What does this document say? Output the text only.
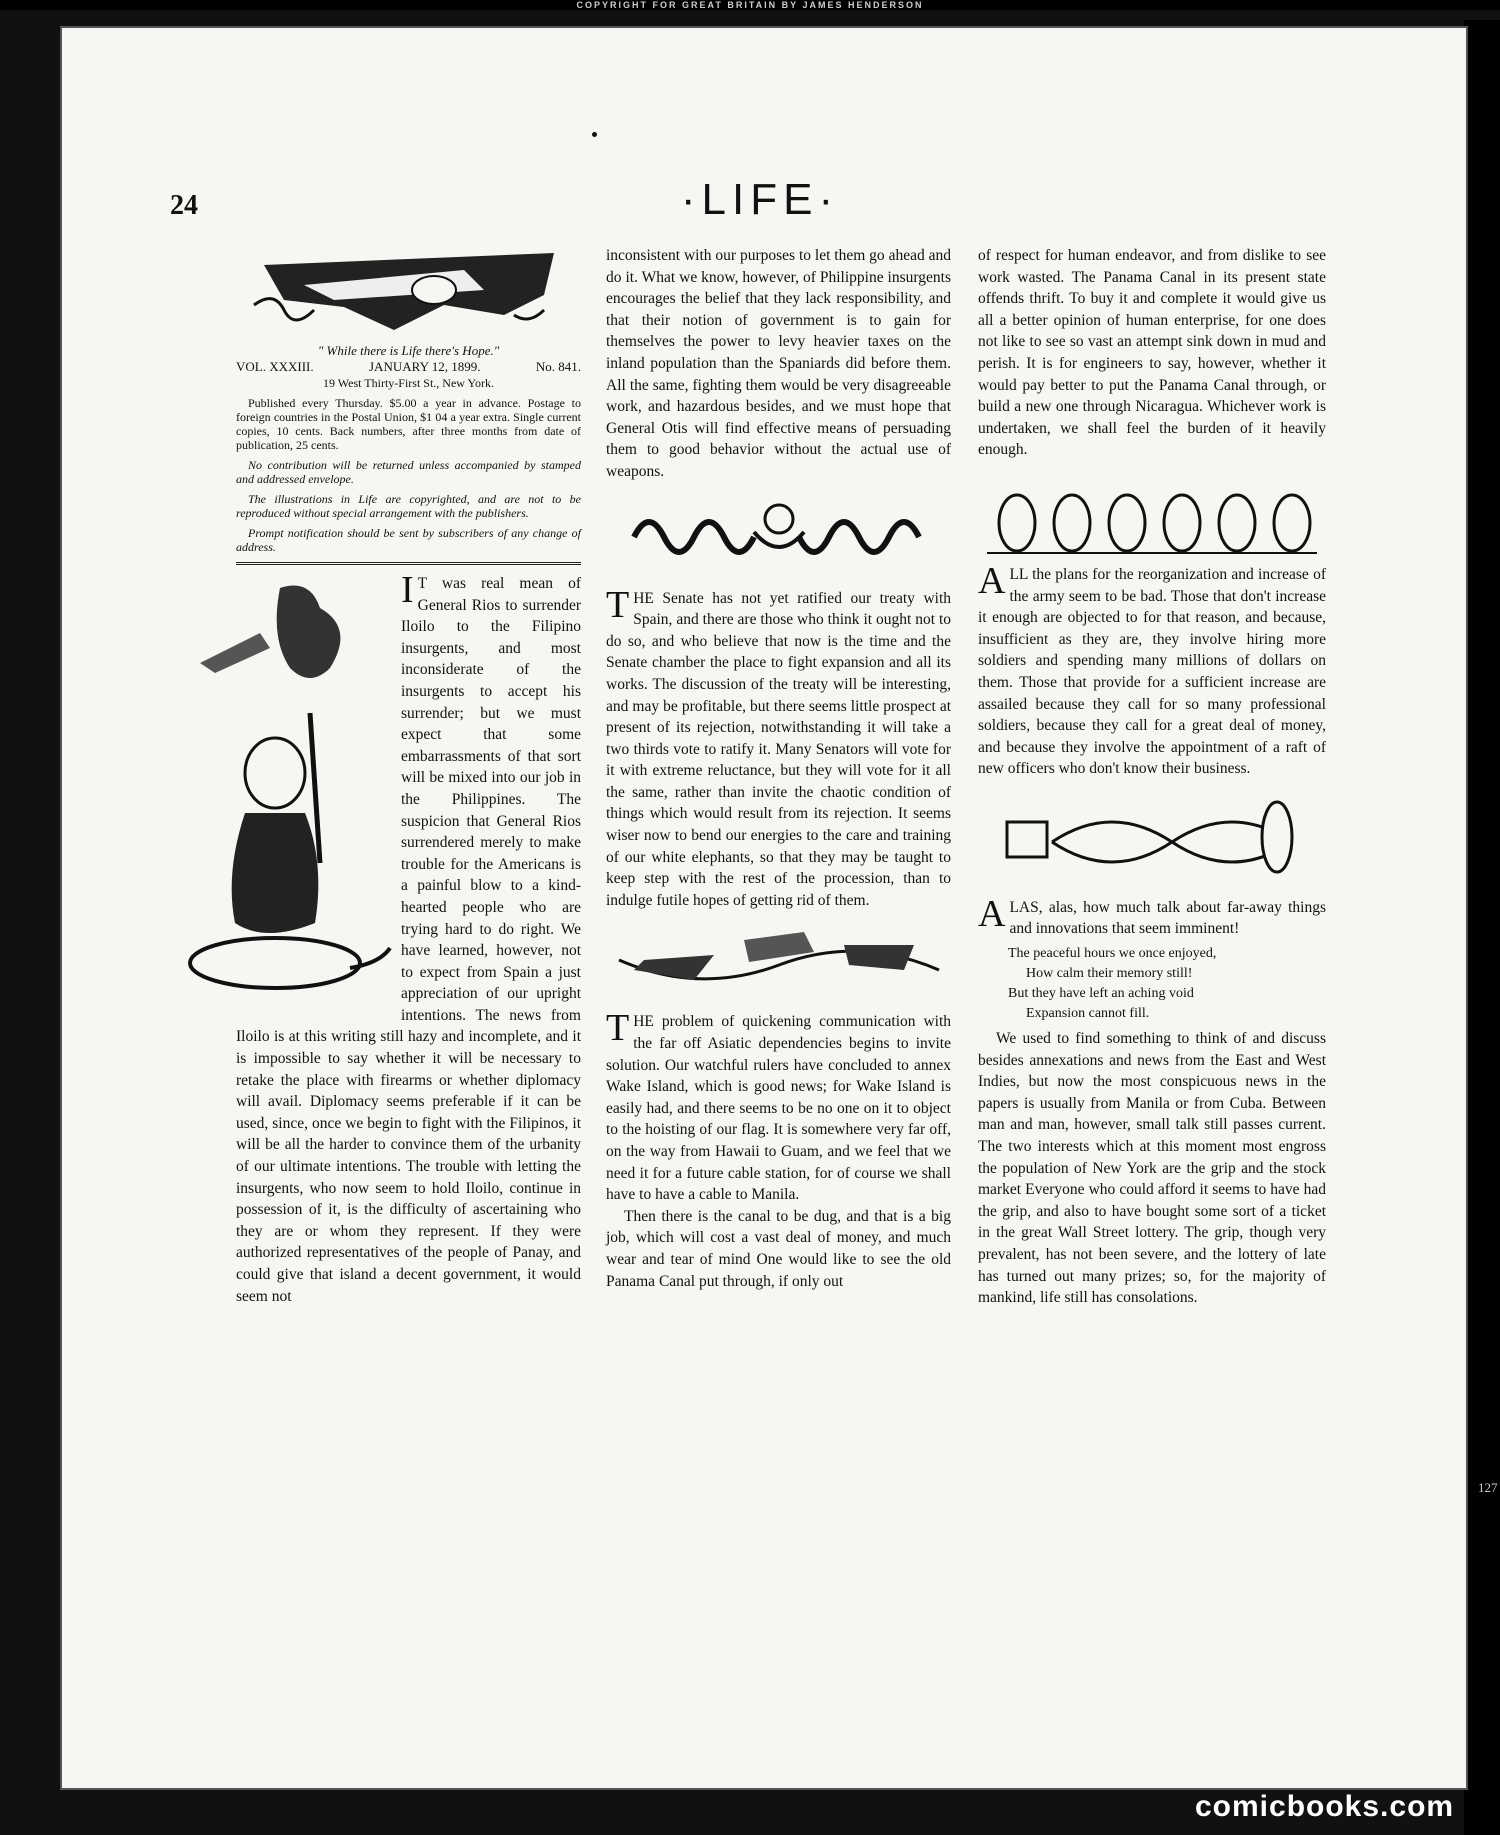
COPYRIGHT FOR GREAT BRITAIN BY JAMES HENDERSON
24	·LIFE·
" While there is Life there's Hope."
VOL. XXXIII.	JANUARY 12, 1899.	No. 841.
19 West Thirty-First St., New York.
Published every Thursday. $5.00 a year in advance. Postage to foreign countries in the Postal Union, $1 04 a year extra. Single current copies, 10 cents. Back numbers, after three months from date of publication, 25 cents.
No contribution will be returned unless accompanied by stamped and addressed envelope.
The illustrations in Life are copyrighted, and are not to be reproduced without special arrangement with the publishers.
Prompt notification should be sent by subscribers of any change of address.

I T was real mean of General Rios to surrender Iloilo to the Filipino insurgents, and most inconsiderate of the insurgents to accept his surrender; but we must expect that some embarrassments of that sort will be mixed into our job in the Philippines. The suspicion that General Rios surrendered merely to make trouble for the Americans is a painful blow to a kind-hearted people who are trying hard to do right. We have learned, however, not to expect from Spain a just appreciation of our upright intentions. The news from Iloilo is at this writing still hazy and incomplete, and it is impossible to say whether it will be necessary to retake the place with firearms or whether diplomacy will avail. Diplomacy seems preferable if it can be used, since, once we begin to fight with the Filipinos, it will be all the harder to convince them of the urbanity of our ultimate intentions. The trouble with letting the insurgents, who now seem to hold Iloilo, continue in possession of it, is the difficulty of ascertaining who they are or whom they represent. If they were authorized representatives of the people of Panay, and could give that island a decent government, it would seem not

inconsistent with our purposes to let them go ahead and do it. What we know, however, of Philippine insurgents encourages the belief that they lack responsibility, and that their notion of government is to gain for themselves the power to levy heavier taxes on the inland population than the Spaniards did before them. All the same, fighting them would be very disagreeable work, and hazardous besides, and we must hope that General Otis will find effective means of persuading them to good behavior without the actual use of weapons.

THE Senate has not yet ratified our treaty with Spain, and there are those who think it ought not to do so, and who believe that now is the time and the Senate chamber the place to fight expansion and all its works. The discussion of the treaty will be interesting, and may be profitable, but there seems little prospect at present of its rejection, notwithstanding it will take a two thirds vote to ratify it. Many Senators will vote for it with extreme reluctance, but they will vote for it all the same, rather than invite the chaotic condition of things which would result from its rejection. It seems wiser now to bend our energies to the care and training of our white elephants, so that they may be taught to keep step with the rest of the procession, than to indulge futile hopes of getting rid of them.

THE problem of quickening communication with the far off Asiatic dependencies begins to invite solution. Our watchful rulers have concluded to annex Wake Island, which is good news; for Wake Island is easily had, and there seems to be no one on it to object to the hoisting of our flag. It is somewhere very far off, on the way from Hawaii to Guam, and we feel that we need it for a future cable station, for of course we shall have to have a cable to Manila.

Then there is the canal to be dug, and that is a big job, which will cost a vast deal of money, and much wear and tear of mind One would like to see the old Panama Canal put through, if only out

of respect for human endeavor, and from dislike to see work wasted. The Panama Canal in its present state offends thrift. To buy it and complete it would give us all a better opinion of human enterprise, for one does not like to see so vast an attempt sink down in mud and perish. It is for engineers to say, however, whether it would pay better to put the Panama Canal through, or build a new one through Nicaragua. Whichever work is undertaken, we shall feel the burden of it heavily enough.

ALL the plans for the reorganization and increase of the army seem to be bad. Those that don't increase it enough are objected to for that reason, and because, insufficient as they are, they involve hiring more soldiers and spending many millions of dollars on them. Those that provide for a sufficient increase are assailed because they call for so many professional soldiers, because they call for a great deal of money, and because they involve the appointment of a raft of new officers who don't know their business.

ALAS, alas, how much talk about far-away things and innovations that seem imminent!

The peaceful hours we once enjoyed,
How calm their memory still!
But they have left an aching void
Expansion cannot fill.

We used to find something to think of and discuss besides annexations and news from the East and West Indies, but now the most conspicuous news in the papers is usually from Manila or from Cuba. Between man and man, however, small talk still passes current. The two interests which at this moment most engross the population of New York are the grip and the stock market Everyone who could afford it seems to have had the grip, and also to have bought some sort of a ticket in the great Wall Street lottery. The grip, though very prevalent, has not been severe, and the lottery of late has turned out many prizes; so, for the majority of mankind, life still has consolations.

127
comicbooks.com
